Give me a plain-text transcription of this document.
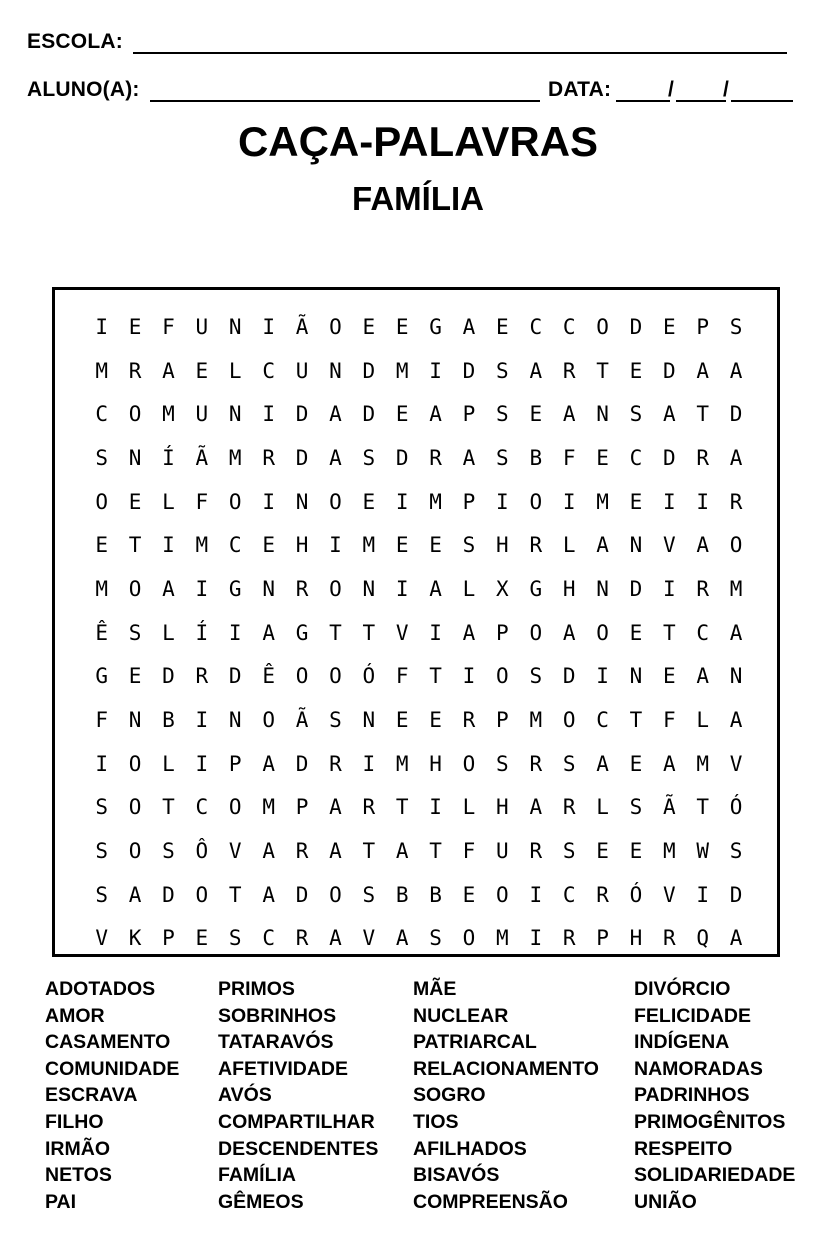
ESCOLA:
ALUNO(A):	DATA:	/ /
CAÇA-PALAVRAS
FAMÍLIA
I E F U N I Ã O E E G A E C C O D E P S
M R A E L C U N D M I D S A R T E D A A
C O M U N I D A D E A P S E A N S A T D
S N Í Ã M R D A S D R A S B F E C D R A
O E L F O I N O E I M P I O I M E I I R
E T I M C E H I M E E S H R L A N V A O
M O A I G N R O N I A L X G H N D I R M
Ê S L Í I A G T T V I A P O A O E T C A
G E D R D Ê O O Ó F T I O S D I N E A N
F N B I N O Ã S N E E R P M O C T F L A
I O L I P A D R I M H O S R S A E A M V
S O T C O M P A R T I L H A R L S Ã T Ó
S O S Ô V A R A T A T F U R S E E M W S
S A D O T A D O S B B E O I C R Ó V I D
V K P E S C R A V A S O M I R P H R Q A
ADOTADOS
AMOR
CASAMENTO
COMUNIDADE
ESCRAVA
FILHO
IRMÃO
NETOS
PAI
PRIMOS
SOBRINHOS
TATARAVÓS
AFETIVIDADE
AVÓS
COMPARTILHAR
DESCENDENTES
FAMÍLIA
GÊMEOS
MÃE
NUCLEAR
PATRIARCAL
RELACIONAMENTO
SOGRO
TIOS
AFILHADOS
BISAVÓS
COMPREENSÃO
DIVÓRCIO
FELICIDADE
INDÍGENA
NAMORADAS
PADRINHOS
PRIMOGÊNITOS
RESPEITO
SOLIDARIEDADE
UNIÃO
